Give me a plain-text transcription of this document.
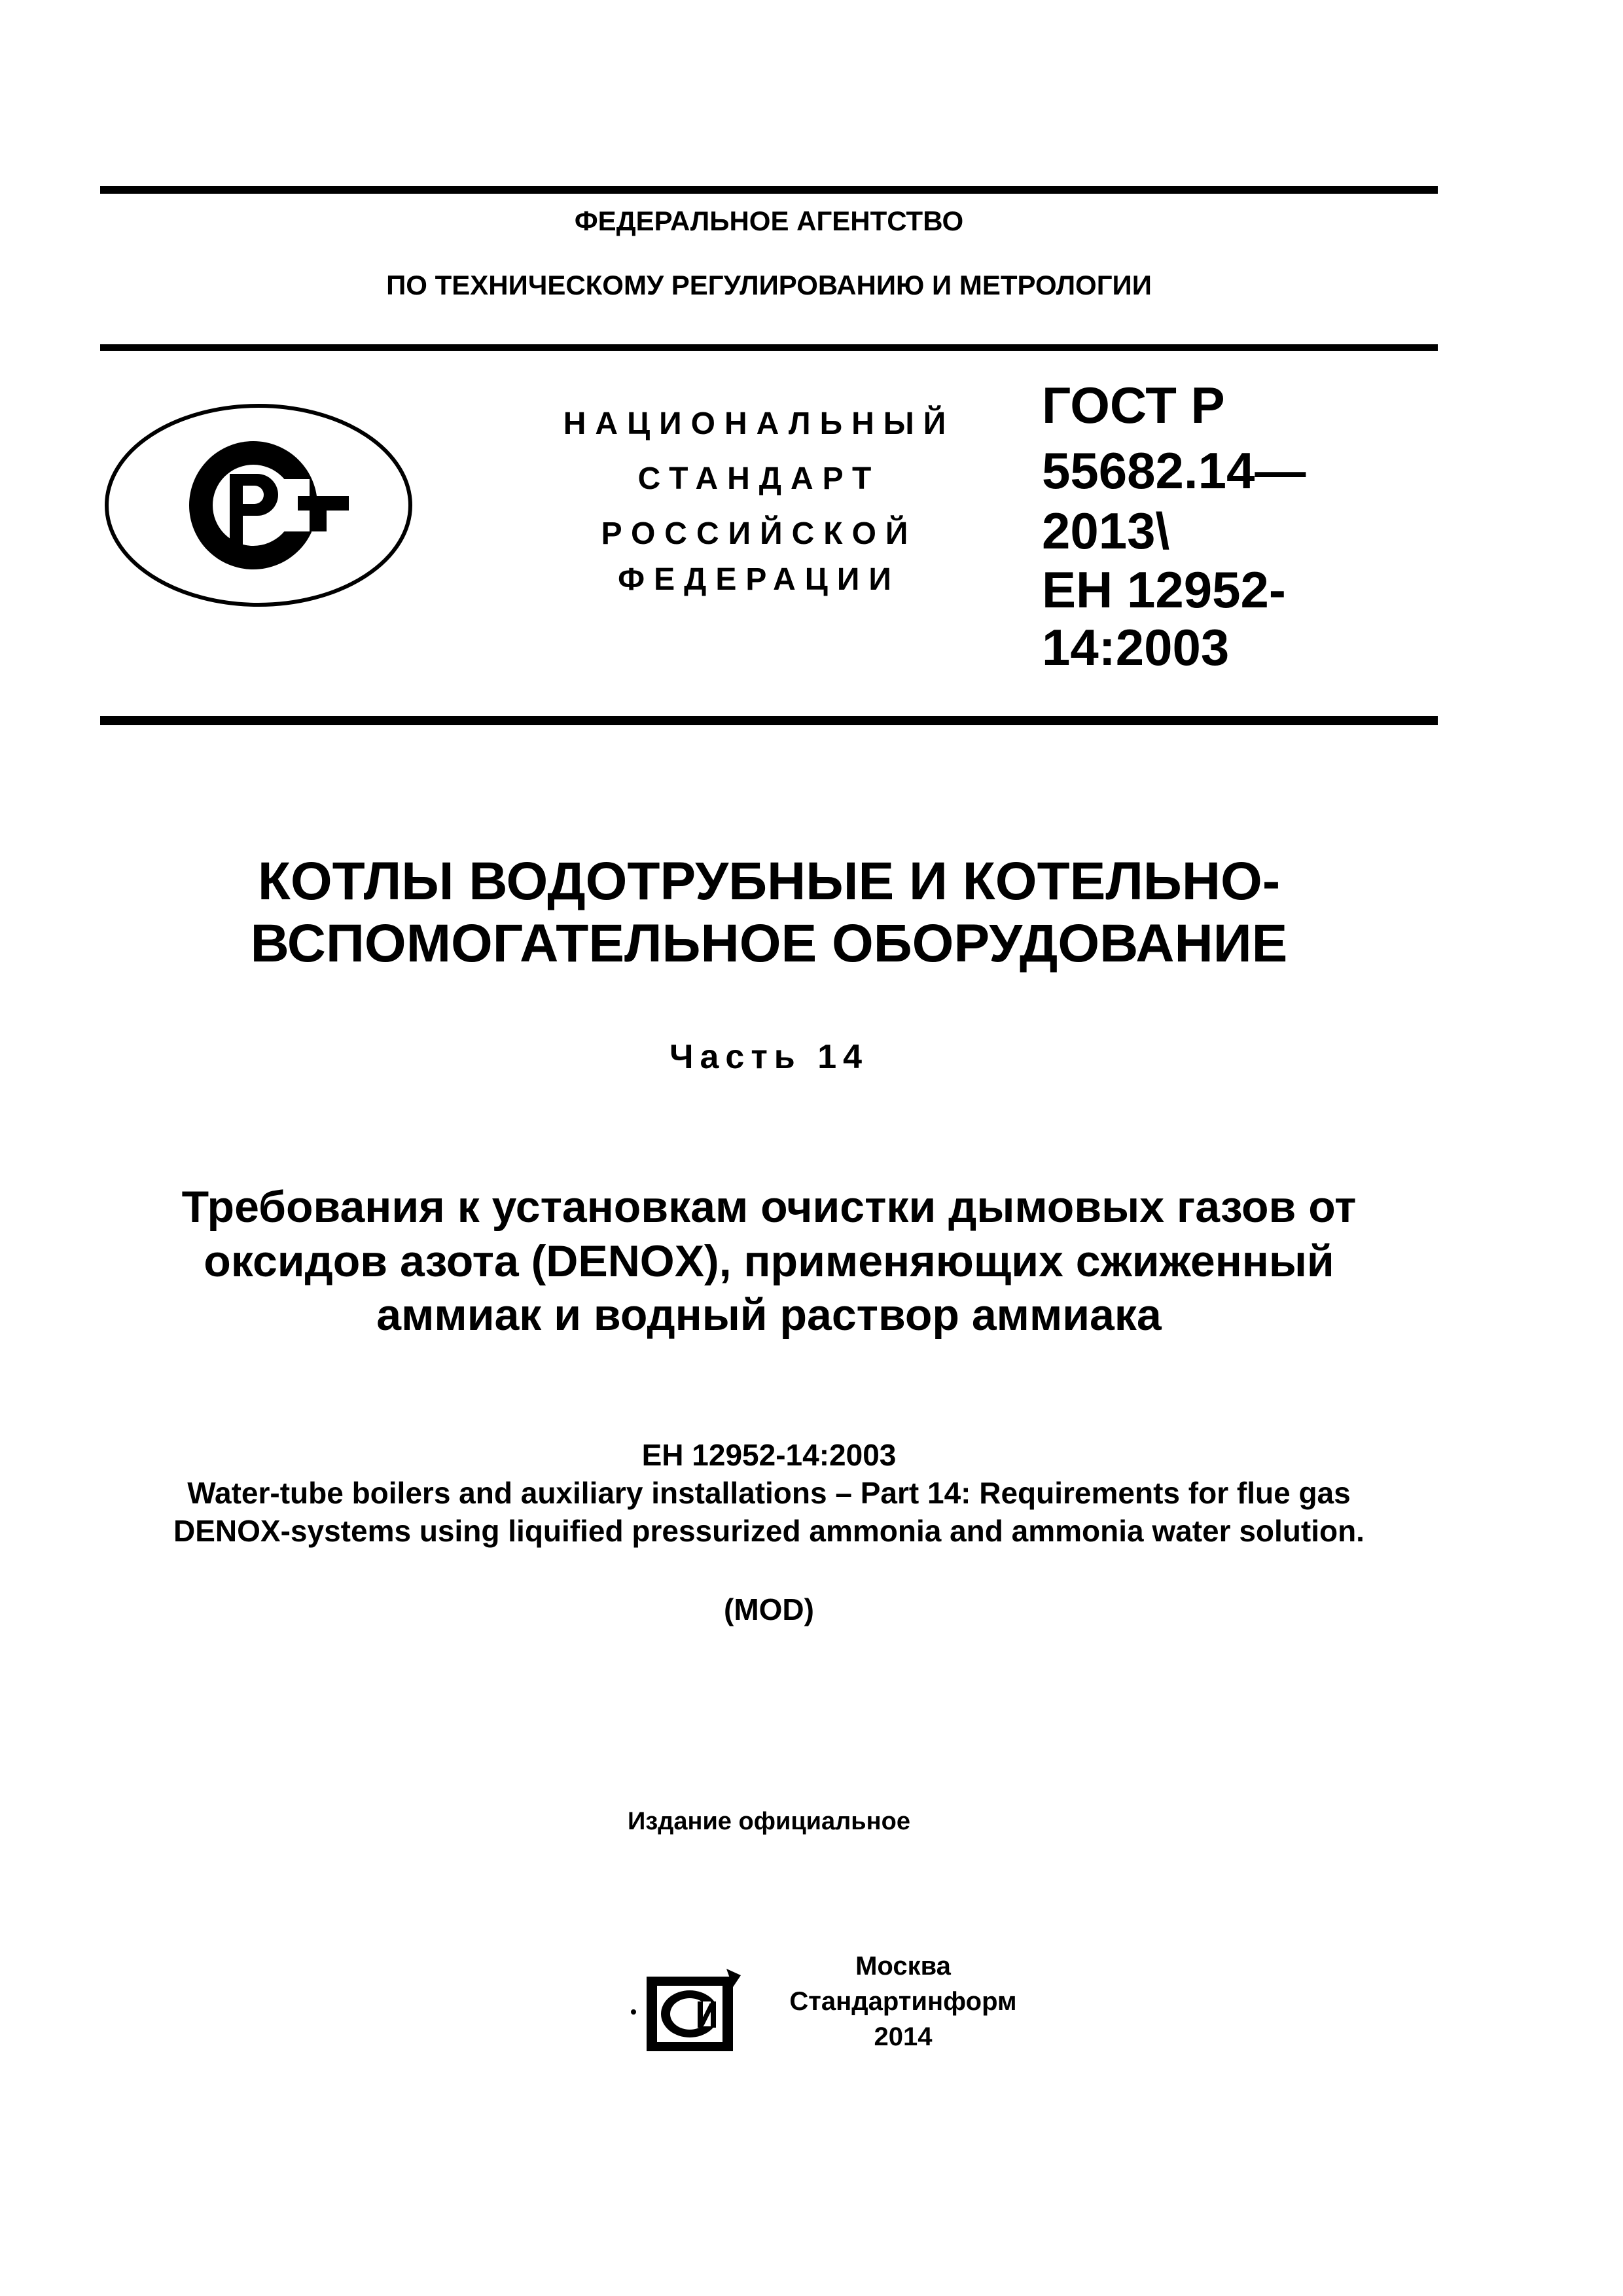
ФЕДЕРАЛЬНОЕ АГЕНТСТВО
ПО ТЕХНИЧЕСКОМУ РЕГУЛИРОВАНИЮ И МЕТРОЛОГИИ
НАЦИОНАЛЬНЫЙ
СТАНДАРТ
РОССИЙСКОЙ
ФЕДЕРАЦИИ
ГОСТ Р
55682.14—
2013\
ЕН 12952-
14:2003
КОТЛЫ ВОДОТРУБНЫЕ И КОТЕЛЬНО-
ВСПОМОГАТЕЛЬНОЕ ОБОРУДОВАНИЕ
Часть 14
Требования к установкам очистки дымовых газов от
оксидов азота (DENOX), применяющих сжиженный
аммиак и водный раствор аммиака
ЕН 12952-14:2003
Water-tube boilers and auxiliary installations – Part 14: Requirements for flue gas
DENOX-systems using liquified pressurized ammonia and ammonia water solution.
(MOD)
Издание официальное
Москва
Стандартинформ
2014
